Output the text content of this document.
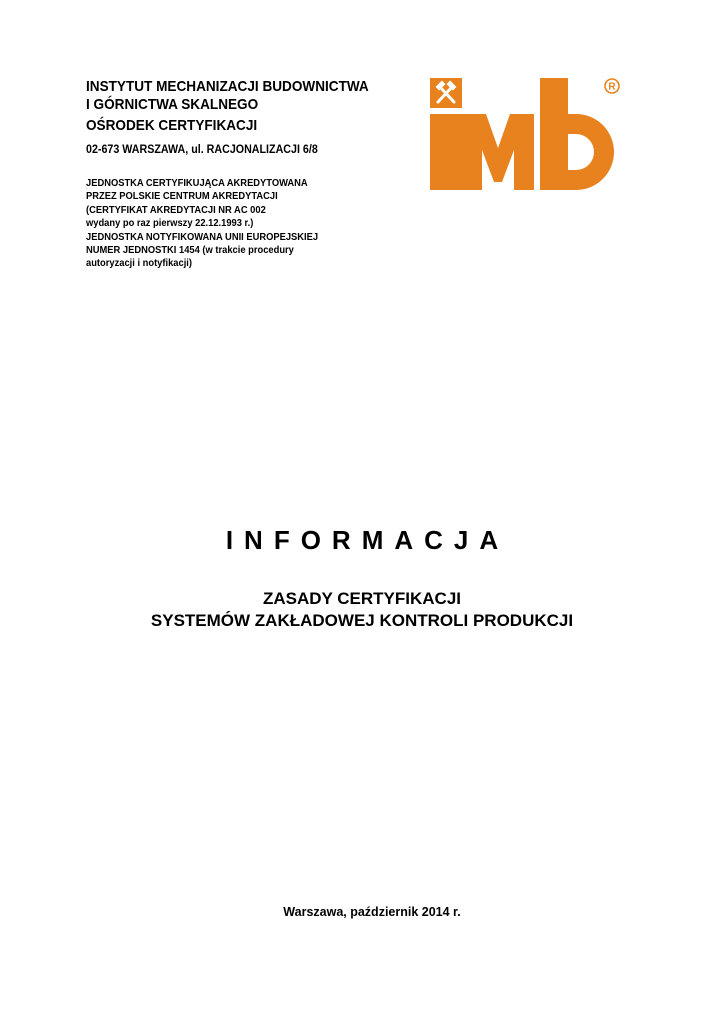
INSTYTUT MECHANIZACJI BUDOWNICTWA
I GÓRNICTWA SKALNEGO
OŚRODEK CERTYFIKACJI
02-673 WARSZAWA, ul. RACJONALIZACJI 6/8
JEDNOSTKA CERTYFIKUJĄCA AKREDYTOWANA
PRZEZ POLSKIE CENTRUM AKREDYTACJI
(CERTYFIKAT AKREDYTACJI NR AC 002
wydany po raz pierwszy 22.12.1993 r.)
JEDNOSTKA NOTYFIKOWANA UNII EUROPEJSKIEJ
NUMER JEDNOSTKI 1454 (w trakcie procedury
autoryzacji i notyfikacji)
R
INFORMACJA
ZASADY CERTYFIKACJI
SYSTEMÓW ZAKŁADOWEJ KONTROLI PRODUKCJI
Warszawa, październik 2014 r.
